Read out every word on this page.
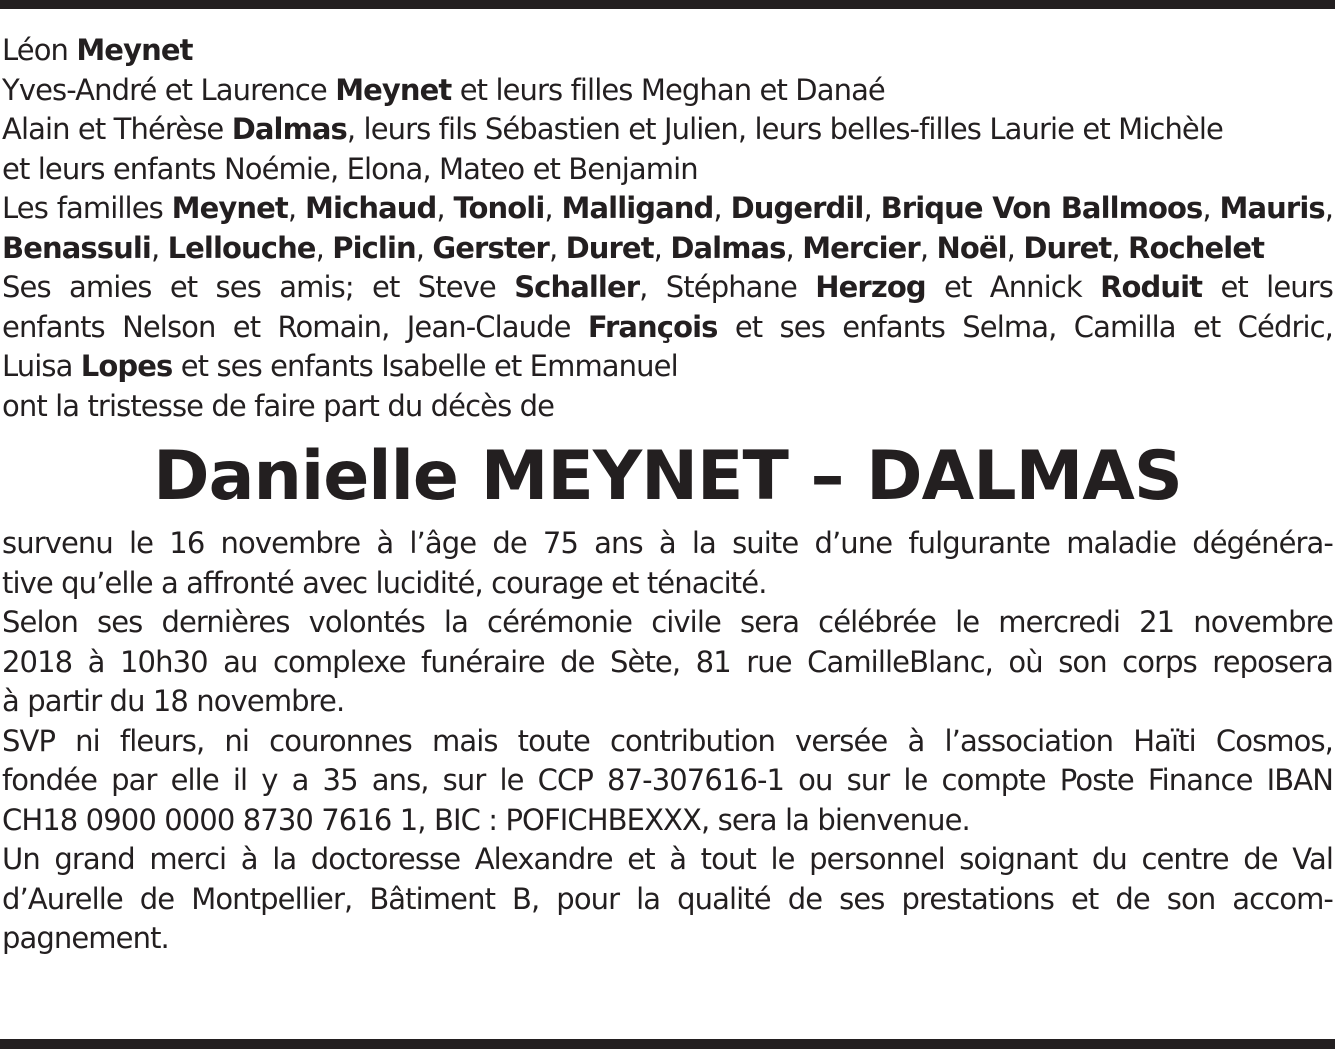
Léon Meynet
Yves-André et Laurence Meynet et leurs filles Meghan et Danaé
Alain et Thérèse Dalmas, leurs fils Sébastien et Julien, leurs belles-filles Laurie et Michèle
et leurs enfants Noémie, Elona, Mateo et Benjamin
Les familles Meynet, Michaud, Tonoli, Malligand, Dugerdil, Brique Von Ballmoos, Mauris,
Benassuli, Lellouche, Piclin, Gerster, Duret, Dalmas, Mercier, Noël, Duret, Rochelet
Ses amies et ses amis; et Steve Schaller, Stéphane Herzog et Annick Roduit et leurs
enfants Nelson et Romain, Jean-Claude François et ses enfants Selma, Camilla et Cédric,
Luisa Lopes et ses enfants Isabelle et Emmanuel
ont la tristesse de faire part du décès de
Danielle MEYNET – DALMAS

survenu le 16 novembre à l’âge de 75 ans à la suite d’une fulgurante maladie dégénéra-
tive qu’elle a affronté avec lucidité, courage et ténacité.

Selon ses dernières volontés la cérémonie civile sera célébrée le mercredi 21 novembre
2018 à 10h30 au complexe funéraire de Sète, 81 rue CamilleBlanc, où son corps reposera
à partir du 18 novembre.

SVP ni fleurs, ni couronnes mais toute contribution versée à l’association Haïti Cosmos,
fondée par elle il y a 35 ans, sur le CCP 87-307616-1 ou sur le compte Poste Finance IBAN
CH18 0900 0000 8730 7616 1, BIC : POFICHBEXXX, sera la bienvenue.

Un grand merci à la doctoresse Alexandre et à tout le personnel soignant du centre de Val
d’Aurelle de Montpellier, Bâtiment B, pour la qualité de ses prestations et de son accom-
pagnement.
